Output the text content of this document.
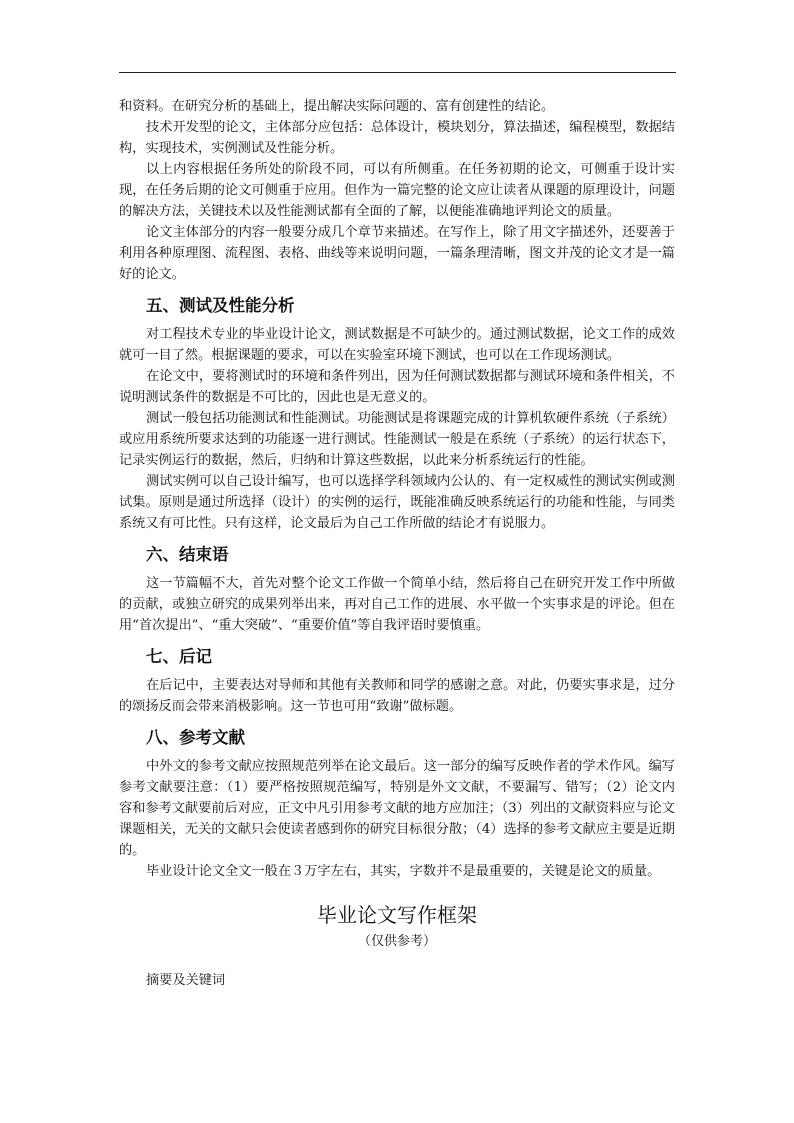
和资料。在研究分析的基础上，提出解决实际问题的、富有创建性的结论。

技术开发型的论文，主体部分应包括：总体设计，模块划分，算法描述，编程模型，数据结构，实现技术，实例测试及性能分析。

以上内容根据任务所处的阶段不同，可以有所侧重。在任务初期的论文，可侧重于设计实现，在任务后期的论文可侧重于应用。但作为一篇完整的论文应让读者从课题的原理设计，问题的解决方法，关键技术以及性能测试都有全面的了解，以便能准确地评判论文的质量。

论文主体部分的内容一般要分成几个章节来描述。在写作上，除了用文字描述外，还要善于利用各种原理图、流程图、表格、曲线等来说明问题，一篇条理清晰，图文并茂的论文才是一篇好的论文。

五、测试及性能分析

对工程技术专业的毕业设计论文，测试数据是不可缺少的。通过测试数据，论文工作的成效就可一目了然。根据课题的要求，可以在实验室环境下测试，也可以在工作现场测试。

在论文中，要将测试时的环境和条件列出，因为任何测试数据都与测试环境和条件相关，不说明测试条件的数据是不可比的，因此也是无意义的。

测试一般包括功能测试和性能测试。功能测试是将课题完成的计算机软硬件系统（子系统）或应用系统所要求达到的功能逐一进行测试。性能测试一般是在系统（子系统）的运行状态下，记录实例运行的数据，然后，归纳和计算这些数据，以此来分析系统运行的性能。

测试实例可以自己设计编写，也可以选择学科领域内公认的、有一定权威性的测试实例或测试集。原则是通过所选择（设计）的实例的运行，既能准确反映系统运行的功能和性能，与同类系统又有可比性。只有这样，论文最后为自己工作所做的结论才有说服力。

六、结束语

这一节篇幅不大，首先对整个论文工作做一个简单小结，然后将自己在研究开发工作中所做的贡献，或独立研究的成果列举出来，再对自己工作的进展、水平做一个实事求是的评论。但在用“首次提出”、“重大突破”、“重要价值”等自我评语时要慎重。

七、后记

在后记中，主要表达对导师和其他有关教师和同学的感谢之意。对此，仍要实事求是，过分的颂扬反而会带来消极影响。这一节也可用“致谢”做标题。

八、参考文献

中外文的参考文献应按照规范列举在论文最后。这一部分的编写反映作者的学术作风。编写参考文献要注意：（1）要严格按照规范编写，特别是外文文献，不要漏写、错写；（2）论文内容和参考文献要前后对应，正文中凡引用参考文献的地方应加注；（3）列出的文献资料应与论文课题相关，无关的文献只会使读者感到你的研究目标很分散；（4）选择的参考文献应主要是近期的。

毕业设计论文全文一般在３万字左右，其实，字数并不是最重要的，关键是论文的质量。

毕业论文写作框架
（仅供参考）

摘要及关键词
